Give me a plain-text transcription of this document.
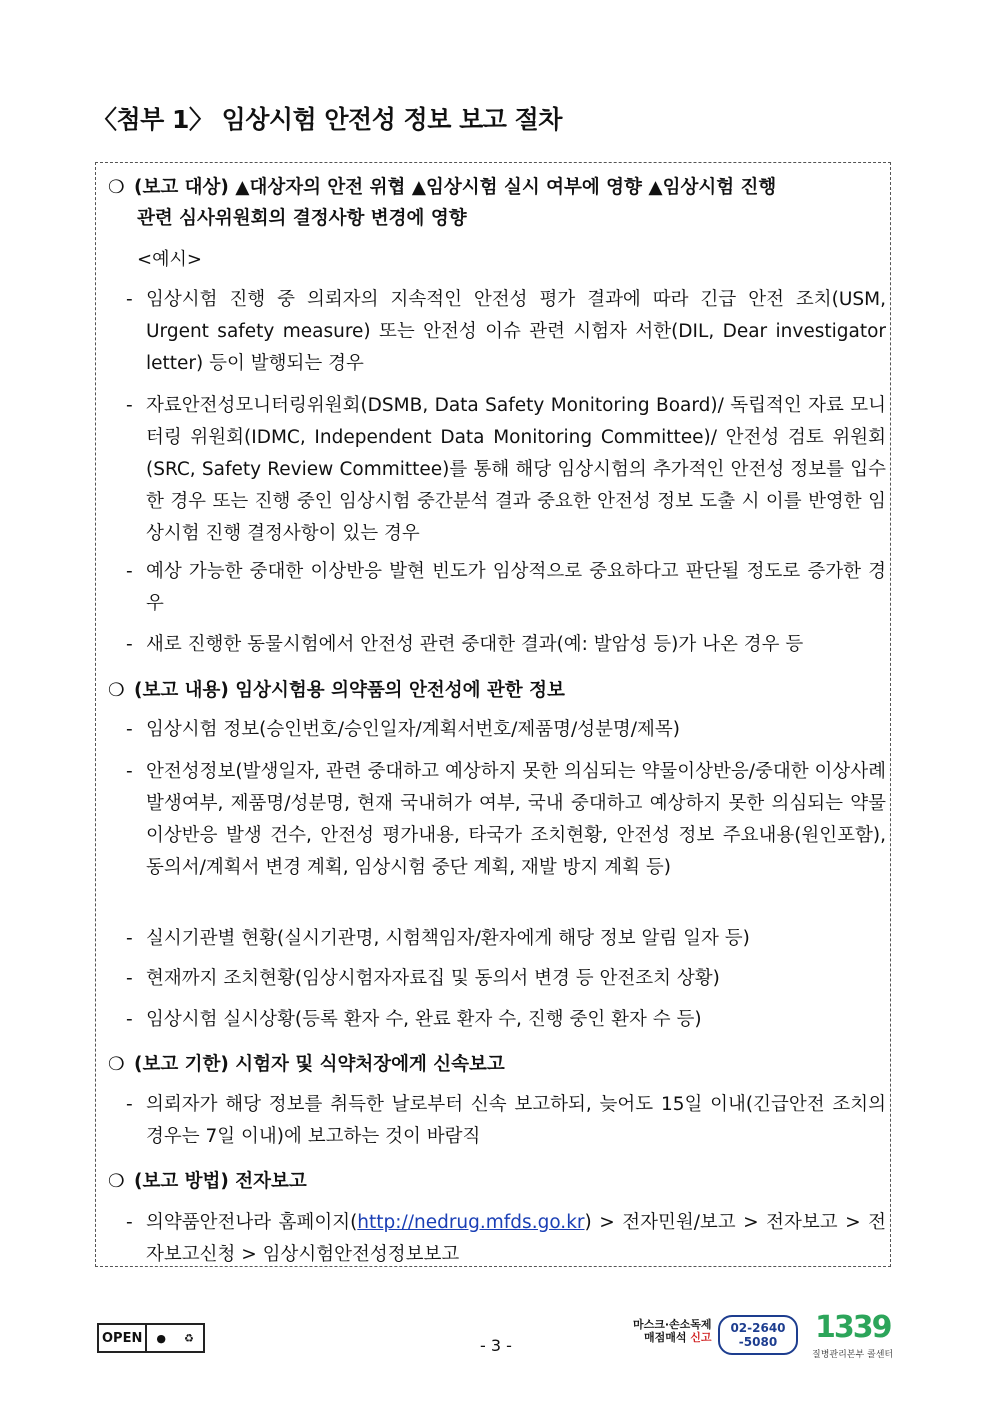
〈첨부 1〉 임상시험 안전성 정보 보고 절차
❍ (보고 대상) ▲대상자의 안전 위협 ▲임상시험 실시 여부에 영향 ▲임상시험 진행
관련 심사위원회의 결정사항 변경에 영향
<예시>
- 임상시험 진행 중 의뢰자의 지속적인 안전성 평가 결과에 따라 긴급 안전 조치(USM, Urgent safety measure) 또는 안전성 이슈 관련 시험자 서한(DIL, Dear investigator letter) 등이 발행되는 경우
- 자료안전성모니터링위원회(DSMB, Data Safety Monitoring Board)/ 독립적인 자료 모니터링 위원회(IDMC, Independent Data Monitoring Committee)/ 안전성 검토 위원회(SRC, Safety Review Committee)를 통해 해당 임상시험의 추가적인 안전성 정보를 입수한 경우 또는 진행 중인 임상시험 중간분석 결과 중요한 안전성 정보 도출 시 이를 반영한 임상시험 진행 결정사항이 있는 경우
- 예상 가능한 중대한 이상반응 발현 빈도가 임상적으로 중요하다고 판단될 정도로 증가한 경우
- 새로 진행한 동물시험에서 안전성 관련 중대한 결과(예: 발암성 등)가 나온 경우 등
❍ (보고 내용) 임상시험용 의약품의 안전성에 관한 정보
- 임상시험 정보(승인번호/승인일자/계획서번호/제품명/성분명/제목)
- 안전성정보(발생일자, 관련 중대하고 예상하지 못한 의심되는 약물이상반응/중대한 이상사례 발생여부, 제품명/성분명, 현재 국내허가 여부, 국내 중대하고 예상하지 못한 의심되는 약물이상반응 발생 건수, 안전성 평가내용, 타국가 조치현황, 안전성 정보 주요내용(원인포함), 동의서/계획서 변경 계획, 임상시험 중단 계획, 재발 방지 계획 등)
- 실시기관별 현황(실시기관명, 시험책임자/환자에게 해당 정보 알림 일자 등)
- 현재까지 조치현황(임상시험자자료집 및 동의서 변경 등 안전조치 상황)
- 임상시험 실시상황(등록 환자 수, 완료 환자 수, 진행 중인 환자 수 등)
❍ (보고 기한) 시험자 및 식약처장에게 신속보고
- 의뢰자가 해당 정보를 취득한 날로부터 신속 보고하되, 늦어도 15일 이내(긴급안전 조치의 경우는 7일 이내)에 보고하는 것이 바람직
❍ (보고 방법) 전자보고
- 의약품안전나라 홈페이지(http://nedrug.mfds.go.kr) > 전자민원/보고 > 전자보고 > 전자보고신청 > 임상시험안전성정보보고
OPEN	● ♻	- 3 -
마스크·손소독제
매점매석 신고
02-2640
-5080	1339
질병관리본부 콜센터
